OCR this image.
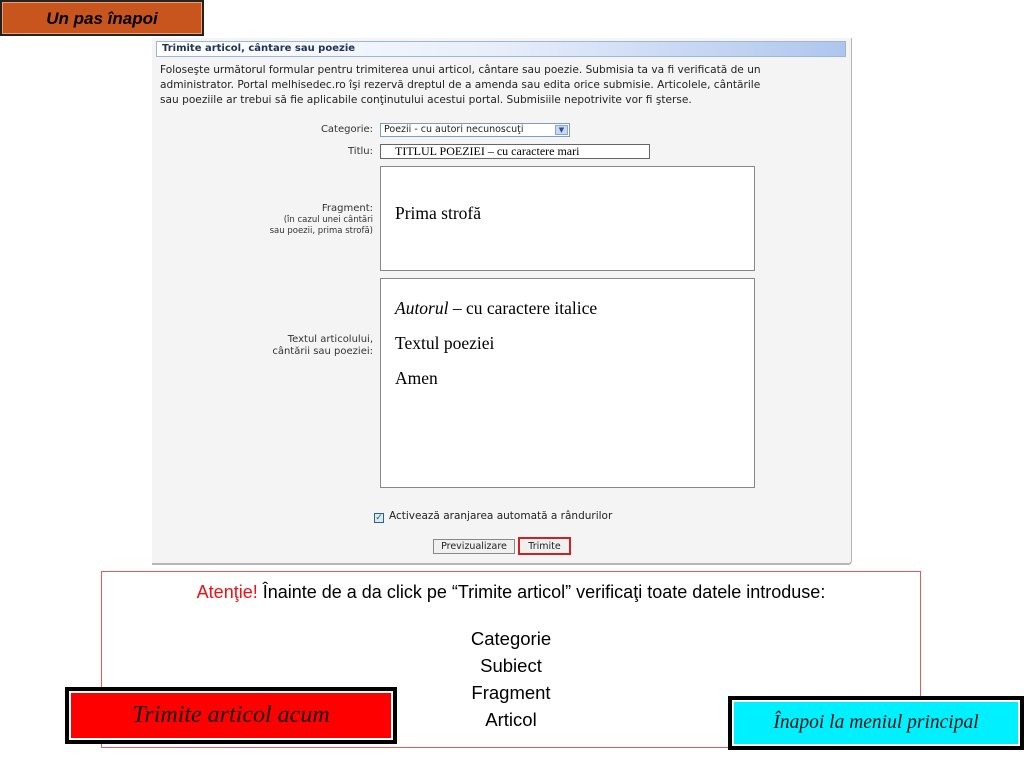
Un pas înapoi
Trimite articol, cântare sau poezie
Foloseşte următorul formular pentru trimiterea unui articol, cântare sau poezie. Submisia ta va fi verificată de un
administrator. Portal melhisedec.ro îşi rezervă dreptul de a amenda sau edita orice submisie. Articolele, cântările
sau poeziile ar trebui să fie aplicabile conţinutului acestui portal. Submisiile nepotrivite vor fi şterse.
Categorie:	Poezii - cu autori necunoscuţi	▼
Titlu:	TITLUL POEZIEI – cu caractere mari
Fragment:
(în cazul unei cântări
sau poezii, prima strofă)

Prima strofă

Textul articolului,
cântării sau poeziei:

Autorul – cu caractere italice

Textul poeziei

Amen

✓ Activează aranjarea automată a rândurilor
Previzualizare	Trimite
Atenţie! Înainte de a da click pe “Trimite articol” verificaţi toate datele introduse:
Categorie
Subiect
Fragment
Articol
Trimite articol acum	Înapoi la meniul principal
